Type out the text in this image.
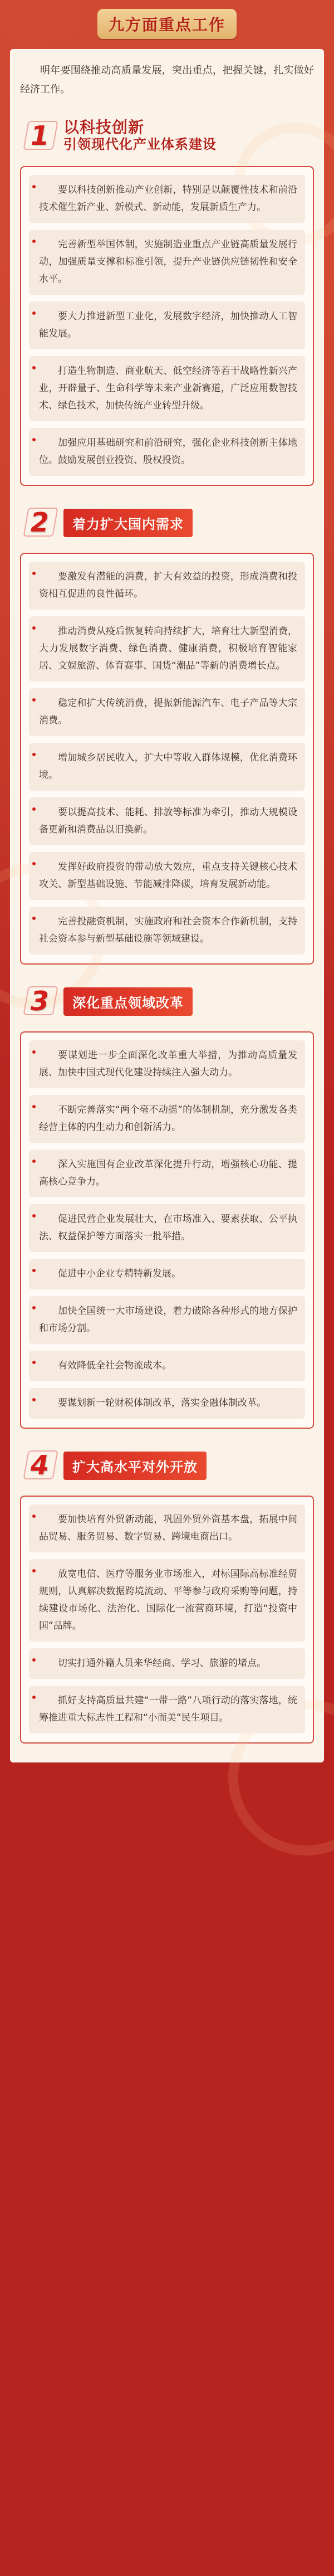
九方面重点工作

明年要围绕推动高质量发展，突出重点，把握关键，扎实做好经济工作。

1 以科技创新
引领现代化产业体系建设

要以科技创新推动产业创新，特别是以颠覆性技术和前沿技术催生新产业、新模式、新动能，发展新质生产力。

完善新型举国体制，实施制造业重点产业链高质量发展行动，加强质量支撑和标准引领，提升产业链供应链韧性和安全水平。

要大力推进新型工业化，发展数字经济，加快推动人工智能发展。

打造生物制造、商业航天、低空经济等若干战略性新兴产业，开辟量子、生命科学等未来产业新赛道，广泛应用数智技术、绿色技术，加快传统产业转型升级。

加强应用基础研究和前沿研究，强化企业科技创新主体地位。鼓励发展创业投资、股权投资。

2	着力扩大国内需求

要激发有潜能的消费，扩大有效益的投资，形成消费和投资相互促进的良性循环。

推动消费从疫后恢复转向持续扩大，培育壮大新型消费，大力发展数字消费、绿色消费、健康消费，积极培育智能家居、文娱旅游、体育赛事、国货“潮品”等新的消费增长点。

稳定和扩大传统消费，提振新能源汽车、电子产品等大宗消费。

增加城乡居民收入，扩大中等收入群体规模，优化消费环境。

要以提高技术、能耗、排放等标准为牵引，推动大规模设备更新和消费品以旧换新。

发挥好政府投资的带动放大效应，重点支持关键核心技术攻关、新型基础设施、节能减排降碳，培育发展新动能。

完善投融资机制，实施政府和社会资本合作新机制，支持社会资本参与新型基础设施等领域建设。

3	深化重点领域改革

要谋划进一步全面深化改革重大举措，为推动高质量发展、加快中国式现代化建设持续注入强大动力。

不断完善落实“两个毫不动摇”的体制机制，充分激发各类经营主体的内生动力和创新活力。

深入实施国有企业改革深化提升行动，增强核心功能、提高核心竞争力。

促进民营企业发展壮大，在市场准入、要素获取、公平执法、权益保护等方面落实一批举措。

促进中小企业专精特新发展。

加快全国统一大市场建设，着力破除各种形式的地方保护和市场分割。

有效降低全社会物流成本。

要谋划新一轮财税体制改革，落实金融体制改革。

4	扩大高水平对外开放

要加快培育外贸新动能，巩固外贸外资基本盘，拓展中间品贸易、服务贸易、数字贸易、跨境电商出口。

放宽电信、医疗等服务业市场准入，对标国际高标准经贸规则，认真解决数据跨境流动、平等参与政府采购等问题，持续建设市场化、法治化、国际化一流营商环境，打造“投资中国”品牌。

切实打通外籍人员来华经商、学习、旅游的堵点。

抓好支持高质量共建“一带一路”八项行动的落实落地，统筹推进重大标志性工程和“小而美”民生项目。
